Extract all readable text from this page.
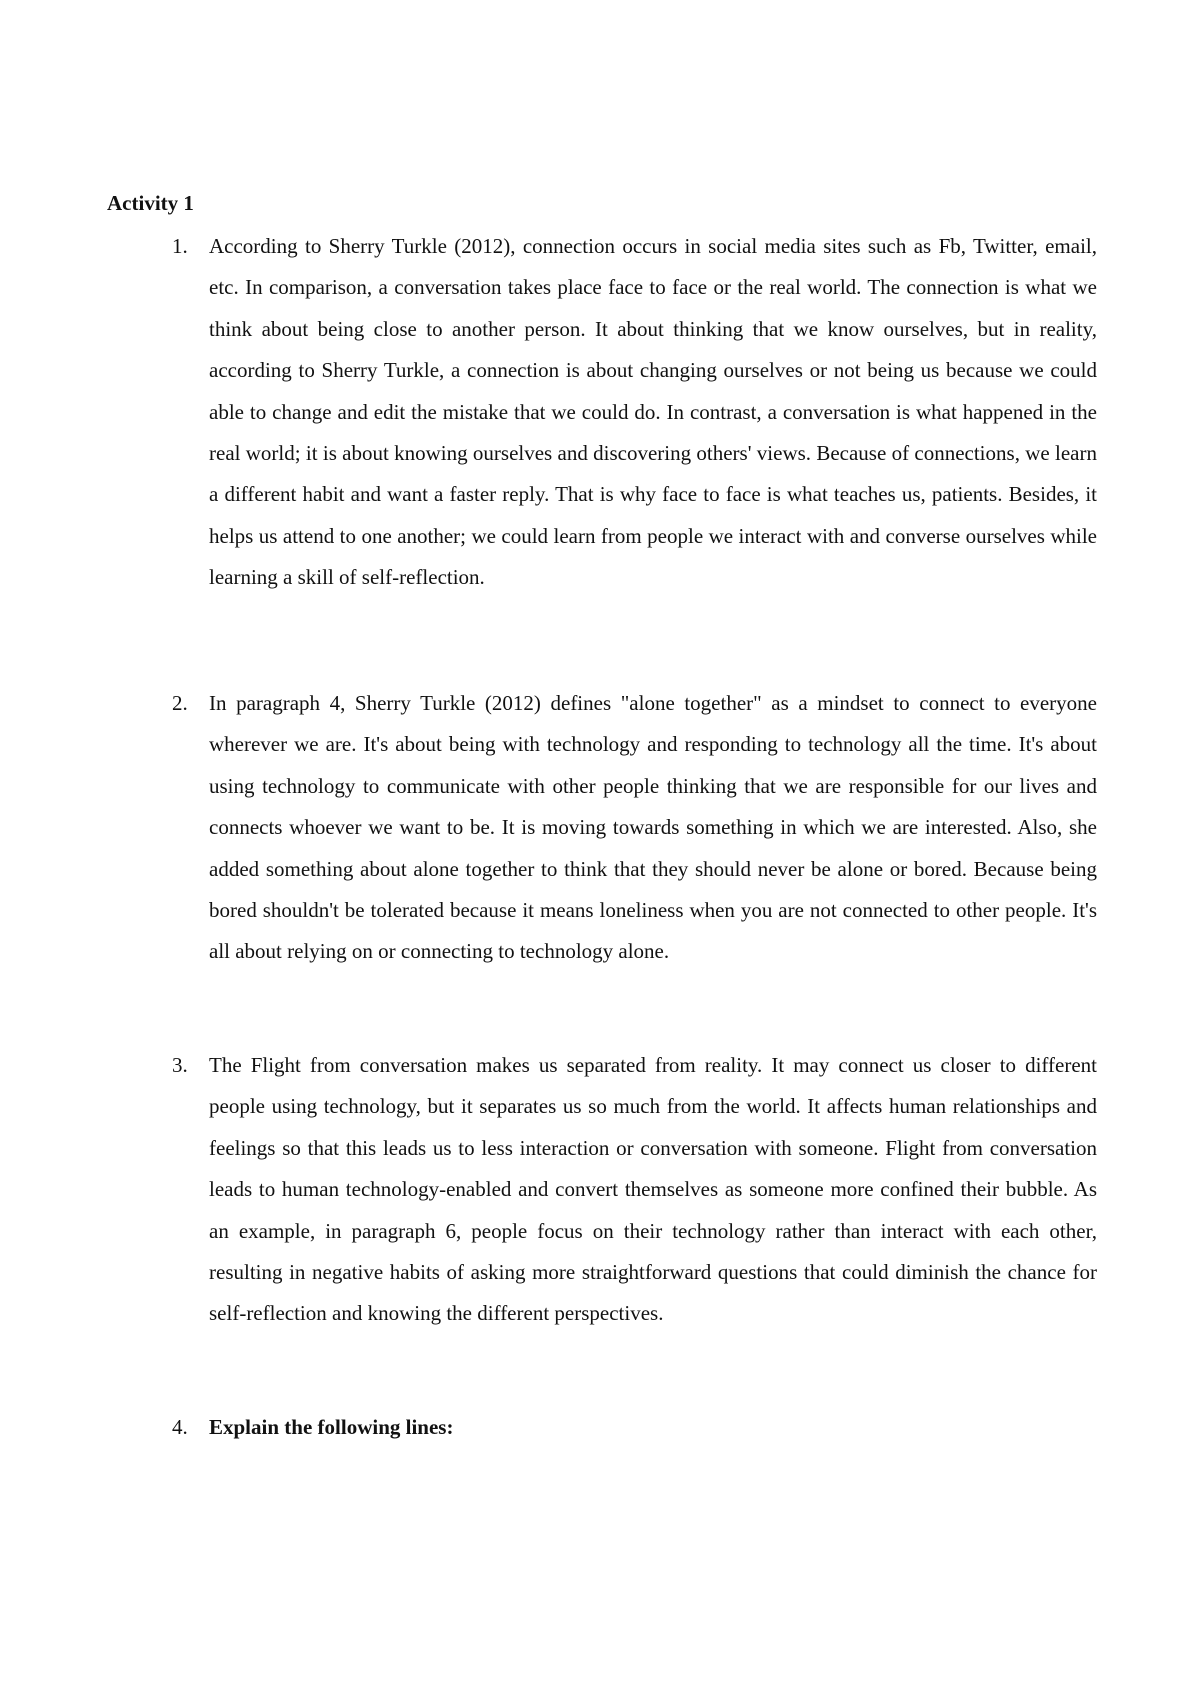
Activity 1
1. According to Sherry Turkle (2012), connection occurs in social media sites such as Fb, Twitter, email, etc. In comparison, a conversation takes place face to face or the real world. The connection is what we think about being close to another person. It about thinking that we know ourselves, but in reality, according to Sherry Turkle, a connection is about changing ourselves or not being us because we could able to change and edit the mistake that we could do. In contrast, a conversation is what happened in the real world; it is about knowing ourselves and discovering others' views. Because of connections, we learn a different habit and want a faster reply. That is why face to face is what teaches us, patients. Besides, it helps us attend to one another; we could learn from people we interact with and converse ourselves while learning a skill of self-reflection.

2. In paragraph 4, Sherry Turkle (2012) defines "alone together" as a mindset to connect to everyone wherever we are. It's about being with technology and responding to technology all the time. It's about using technology to communicate with other people thinking that we are responsible for our lives and connects whoever we want to be. It is moving towards something in which we are interested. Also, she added something about alone together to think that they should never be alone or bored. Because being bored shouldn't be tolerated because it means loneliness when you are not connected to other people. It's all about relying on or connecting to technology alone.

3. The Flight from conversation makes us separated from reality. It may connect us closer to different people using technology, but it separates us so much from the world. It affects human relationships and feelings so that this leads us to less interaction or conversation with someone. Flight from conversation leads to human technology-enabled and convert themselves as someone more confined their bubble. As an example, in paragraph 6, people focus on their technology rather than interact with each other, resulting in negative habits of asking more straightforward questions that could diminish the chance for self-reflection and knowing the different perspectives.

4. Explain the following lines:
